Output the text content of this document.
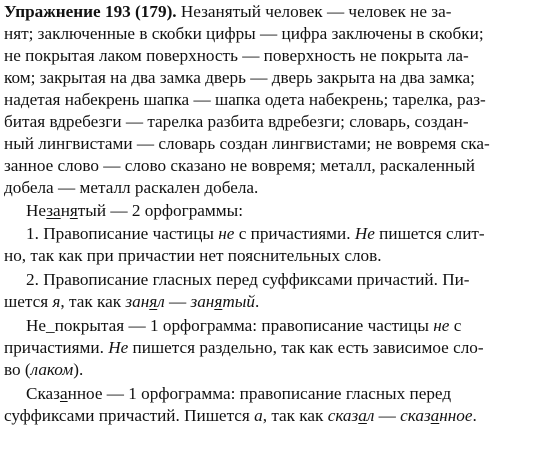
Упражнение 193 (179). Незанятый человек — человек не за-
нят; заключенные в скобки цифры — цифра заключены в скобки;
не покрытая лаком поверхность — поверхность не покрыта ла-
ком; закрытая на два замка дверь — дверь закрыта на два замка;
надетая набекрень шапка — шапка одета набекрень; тарелка, раз-
битая вдребезги — тарелка разбита вдребезги; словарь, создан-
ный лингвистами — словарь создан лингвистами; не вовремя ска-
занное слово — слово сказано не вовремя; металл, раскаленный
добела — металл раскален добела.
Незанятый — 2 орфограммы:
1. Правописание частицы не с причастиями. Не пишется слит-
но, так как при причастии нет пояснительных слов.
2. Правописание гласных перед суффиксами причастий. Пи-
шется я, так как занял — занятый.
Не_покрытая — 1 орфограмма: правописание частицы не с
причастиями. Не пишется раздельно, так как есть зависимое сло-
во (лаком).
Сказанное — 1 орфограмма: правописание гласных перед
суффиксами причастий. Пишется а, так как сказал — сказанное.
